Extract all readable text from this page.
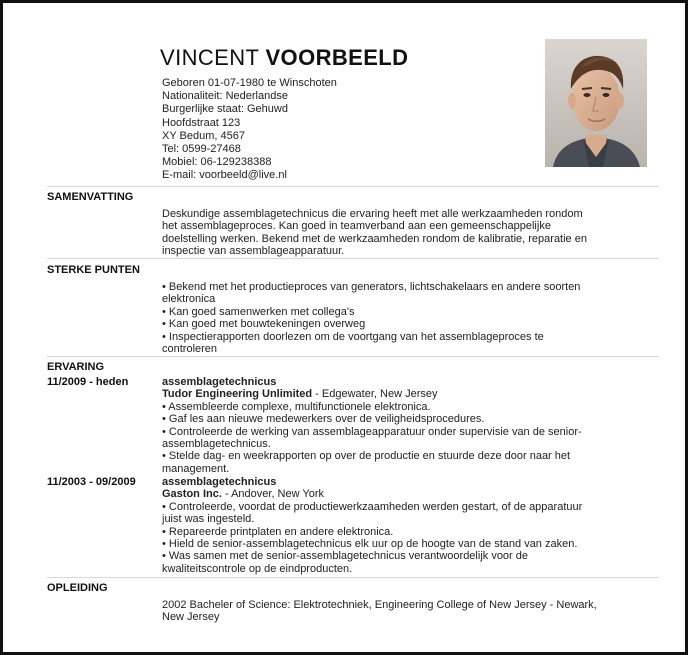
VINCENT VOORBEELD
Geboren 01-07-1980 te Winschoten
Nationaliteit: Nederlandse
Burgerlijke staat: Gehuwd
Hoofdstraat 123
XY Bedum, 4567
Tel: 0599-27468
Mobiel: 06-129238388
E-mail: voorbeeld@live.nl
SAMENVATTING
Deskundige assemblagetechnicus die ervaring heeft met alle werkzaamheden rondom
het assemblageproces. Kan goed in teamverband aan een gemeenschappelijke
doelstelling werken. Bekend met de werkzaamheden rondom de kalibratie, reparatie en
inspectie van assemblageapparatuur.
STERKE PUNTEN
• Bekend met het productieproces van generators, lichtschakelaars en andere soorten
elektronica
• Kan goed samenwerken met collega's
• Kan goed met bouwtekeningen overweg
• Inspectierapporten doorlezen om de voortgang van het assemblageproces te
controleren
ERVARING
11/2009 - heden	assemblagetechnicus
Tudor Engineering Unlimited - Edgewater, New Jersey
• Assembleerde complexe, multifunctionele elektronica.
• Gaf les aan nieuwe medewerkers over de veiligheidsprocedures.
• Controleerde de werking van assemblageapparatuur onder supervisie van de senior-
assemblagetechnicus.
• Stelde dag- en weekrapporten op over de productie en stuurde deze door naar het
management.
11/2003 - 09/2009 assemblagetechnicus
Gaston Inc. - Andover, New York
• Controleerde, voordat de productiewerkzaamheden werden gestart, of de apparatuur
juist was ingesteld.
• Repareerde printplaten en andere elektronica.
• Hield de senior-assemblagetechnicus elk uur op de hoogte van de stand van zaken.
• Was samen met de senior-assemblagetechnicus verantwoordelijk voor de
kwaliteitscontrole op de eindproducten.
OPLEIDING
2002 Bacheler of Science: Elektrotechniek, Engineering College of New Jersey - Newark,
New Jersey
